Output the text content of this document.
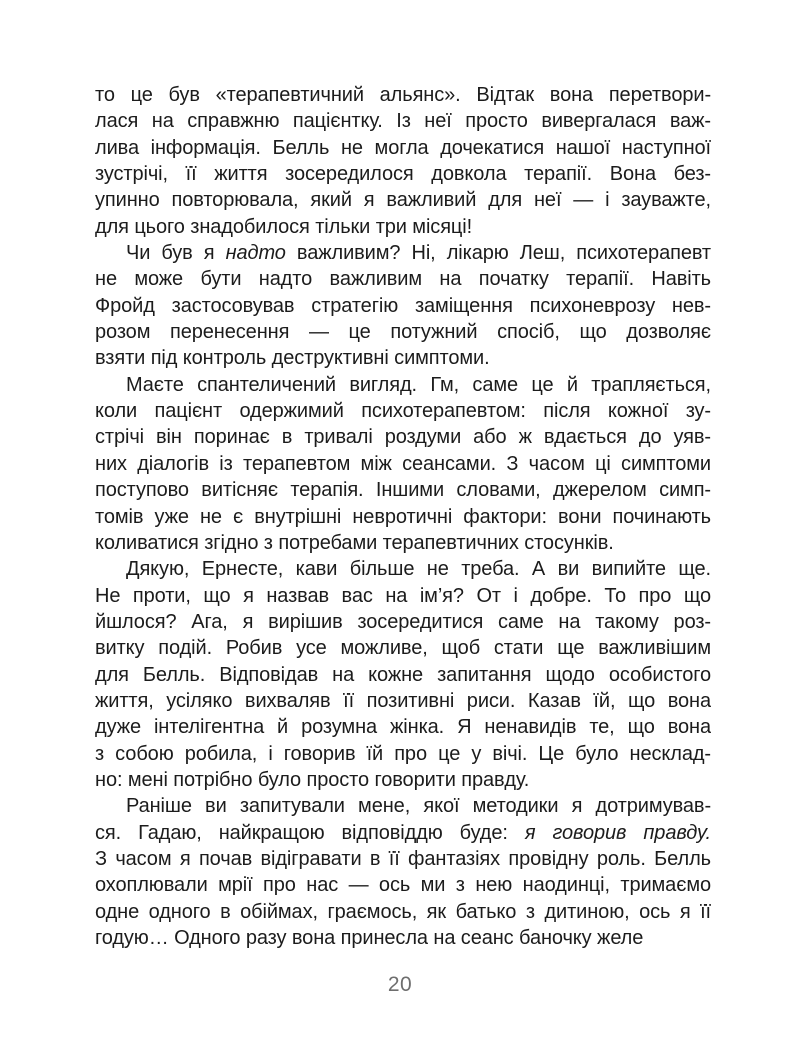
то це був «терапевтичний альянс». Відтак вона перетвори-
лася на справжню пацієнтку. Із неї просто вивергалася важ-
лива інформація. Белль не могла дочекатися нашої наступної
зустрічі, її життя зосередилося довкола терапії. Вона без-
упинно повторювала, який я важливий для неї — і зауважте,
для цього знадобилося тільки три місяці!
Чи був я надто важливим? Ні, лікарю Леш, психотерапевт
не може бути надто важливим на початку терапії. Навіть
Фройд застосовував стратегію заміщення психоневрозу нев-
розом перенесення — це потужний спосіб, що дозволяє
взяти під контроль деструктивні симптоми.
Маєте спантеличений вигляд. Гм, саме це й трапляється,
коли пацієнт одержимий психотерапевтом: після кожної зу-
стрічі він поринає в тривалі роздуми або ж вдається до уяв-
них діалогів із терапевтом між сеансами. З часом ці симптоми
поступово витісняє терапія. Іншими словами, джерелом симп-
томів уже не є внутрішні невротичні фактори: вони починають
коливатися згідно з потребами терапевтичних стосунків.
Дякую, Ернесте, кави більше не треба. А ви випийте ще.
Не проти, що я назвав вас на ім’я? От і добре. То про що
йшлося? Ага, я вирішив зосередитися саме на такому роз-
витку подій. Робив усе можливе, щоб стати ще важливішим
для Белль. Відповідав на кожне запитання щодо особистого
життя, усіляко вихваляв її позитивні риси. Казав їй, що вона
дуже інтелігентна й розумна жінка. Я ненавидів те, що вона
з собою робила, і говорив їй про це у вічі. Це було несклад-
но: мені потрібно було просто говорити правду.
Раніше ви запитували мене, якої методики я дотримував-
ся. Гадаю, найкращою відповіддю буде: я говорив правду.
З часом я почав відігравати в її фантазіях провідну роль. Белль
охоплювали мрії про нас — ось ми з нею наодинці, тримаємо
одне одного в обіймах, граємось, як батько з дитиною, ось я її
годую… Одного разу вона принесла на сеанс баночку желе
20
